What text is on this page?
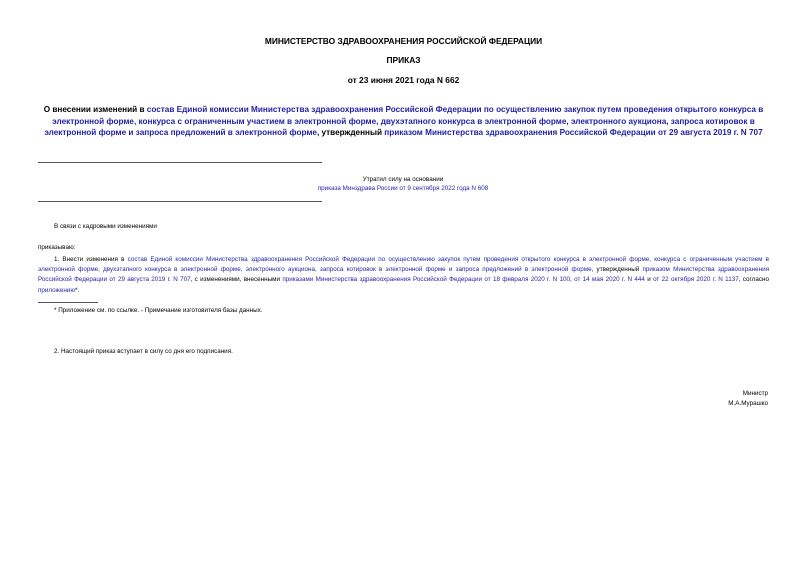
МИНИСТЕРСТВО ЗДРАВООХРАНЕНИЯ РОССИЙСКОЙ ФЕДЕРАЦИИ
ПРИКАЗ
от 23 июня 2021 года N 662
О внесении изменений в состав Единой комиссии Министерства здравоохранения Российской Федерации по осуществлению закупок путем проведения открытого конкурса в электронной форме, конкурса с ограниченным участием в электронной форме, двухэтапного конкурса в электронной форме, электронного аукциона, запроса котировок в электронной форме и запроса предложений в электронной форме, утвержденный приказом Министерства здравоохранения Российской Федерации от 29 августа 2019 г. N 707
Утратил силу на основании
приказа Минздрава России от 9 сентября 2022 года N 608
В связи с кадровыми изменениями
приказываю:
1. Внести изменения в состав Единой комиссии Министерства здравоохранения Российской Федерации по осуществлению закупок путем проведения открытого конкурса в электронной форме, конкурса с ограниченным участием в электронной форме, двухэтапного конкурса в электронной форме, электронного аукциона, запроса котировок в электронной форме и запроса предложений в электронной форме, утвержденный приказом Министерства здравоохранения Российской Федерации от 29 августа 2019 г. N 707, с изменениями, внесенными приказами Министерства здравоохранения Российской Федерации от 18 февраля 2020 г. N 100, от 14 мая 2020 г. N 444 и от 22 октября 2020 г. N 1137, согласно приложению*.
* Приложение см. по ссылке. - Примечание изготовителя базы данных.
2. Настоящий приказ вступает в силу со дня его подписания.
Министр
М.А.Мурашко
